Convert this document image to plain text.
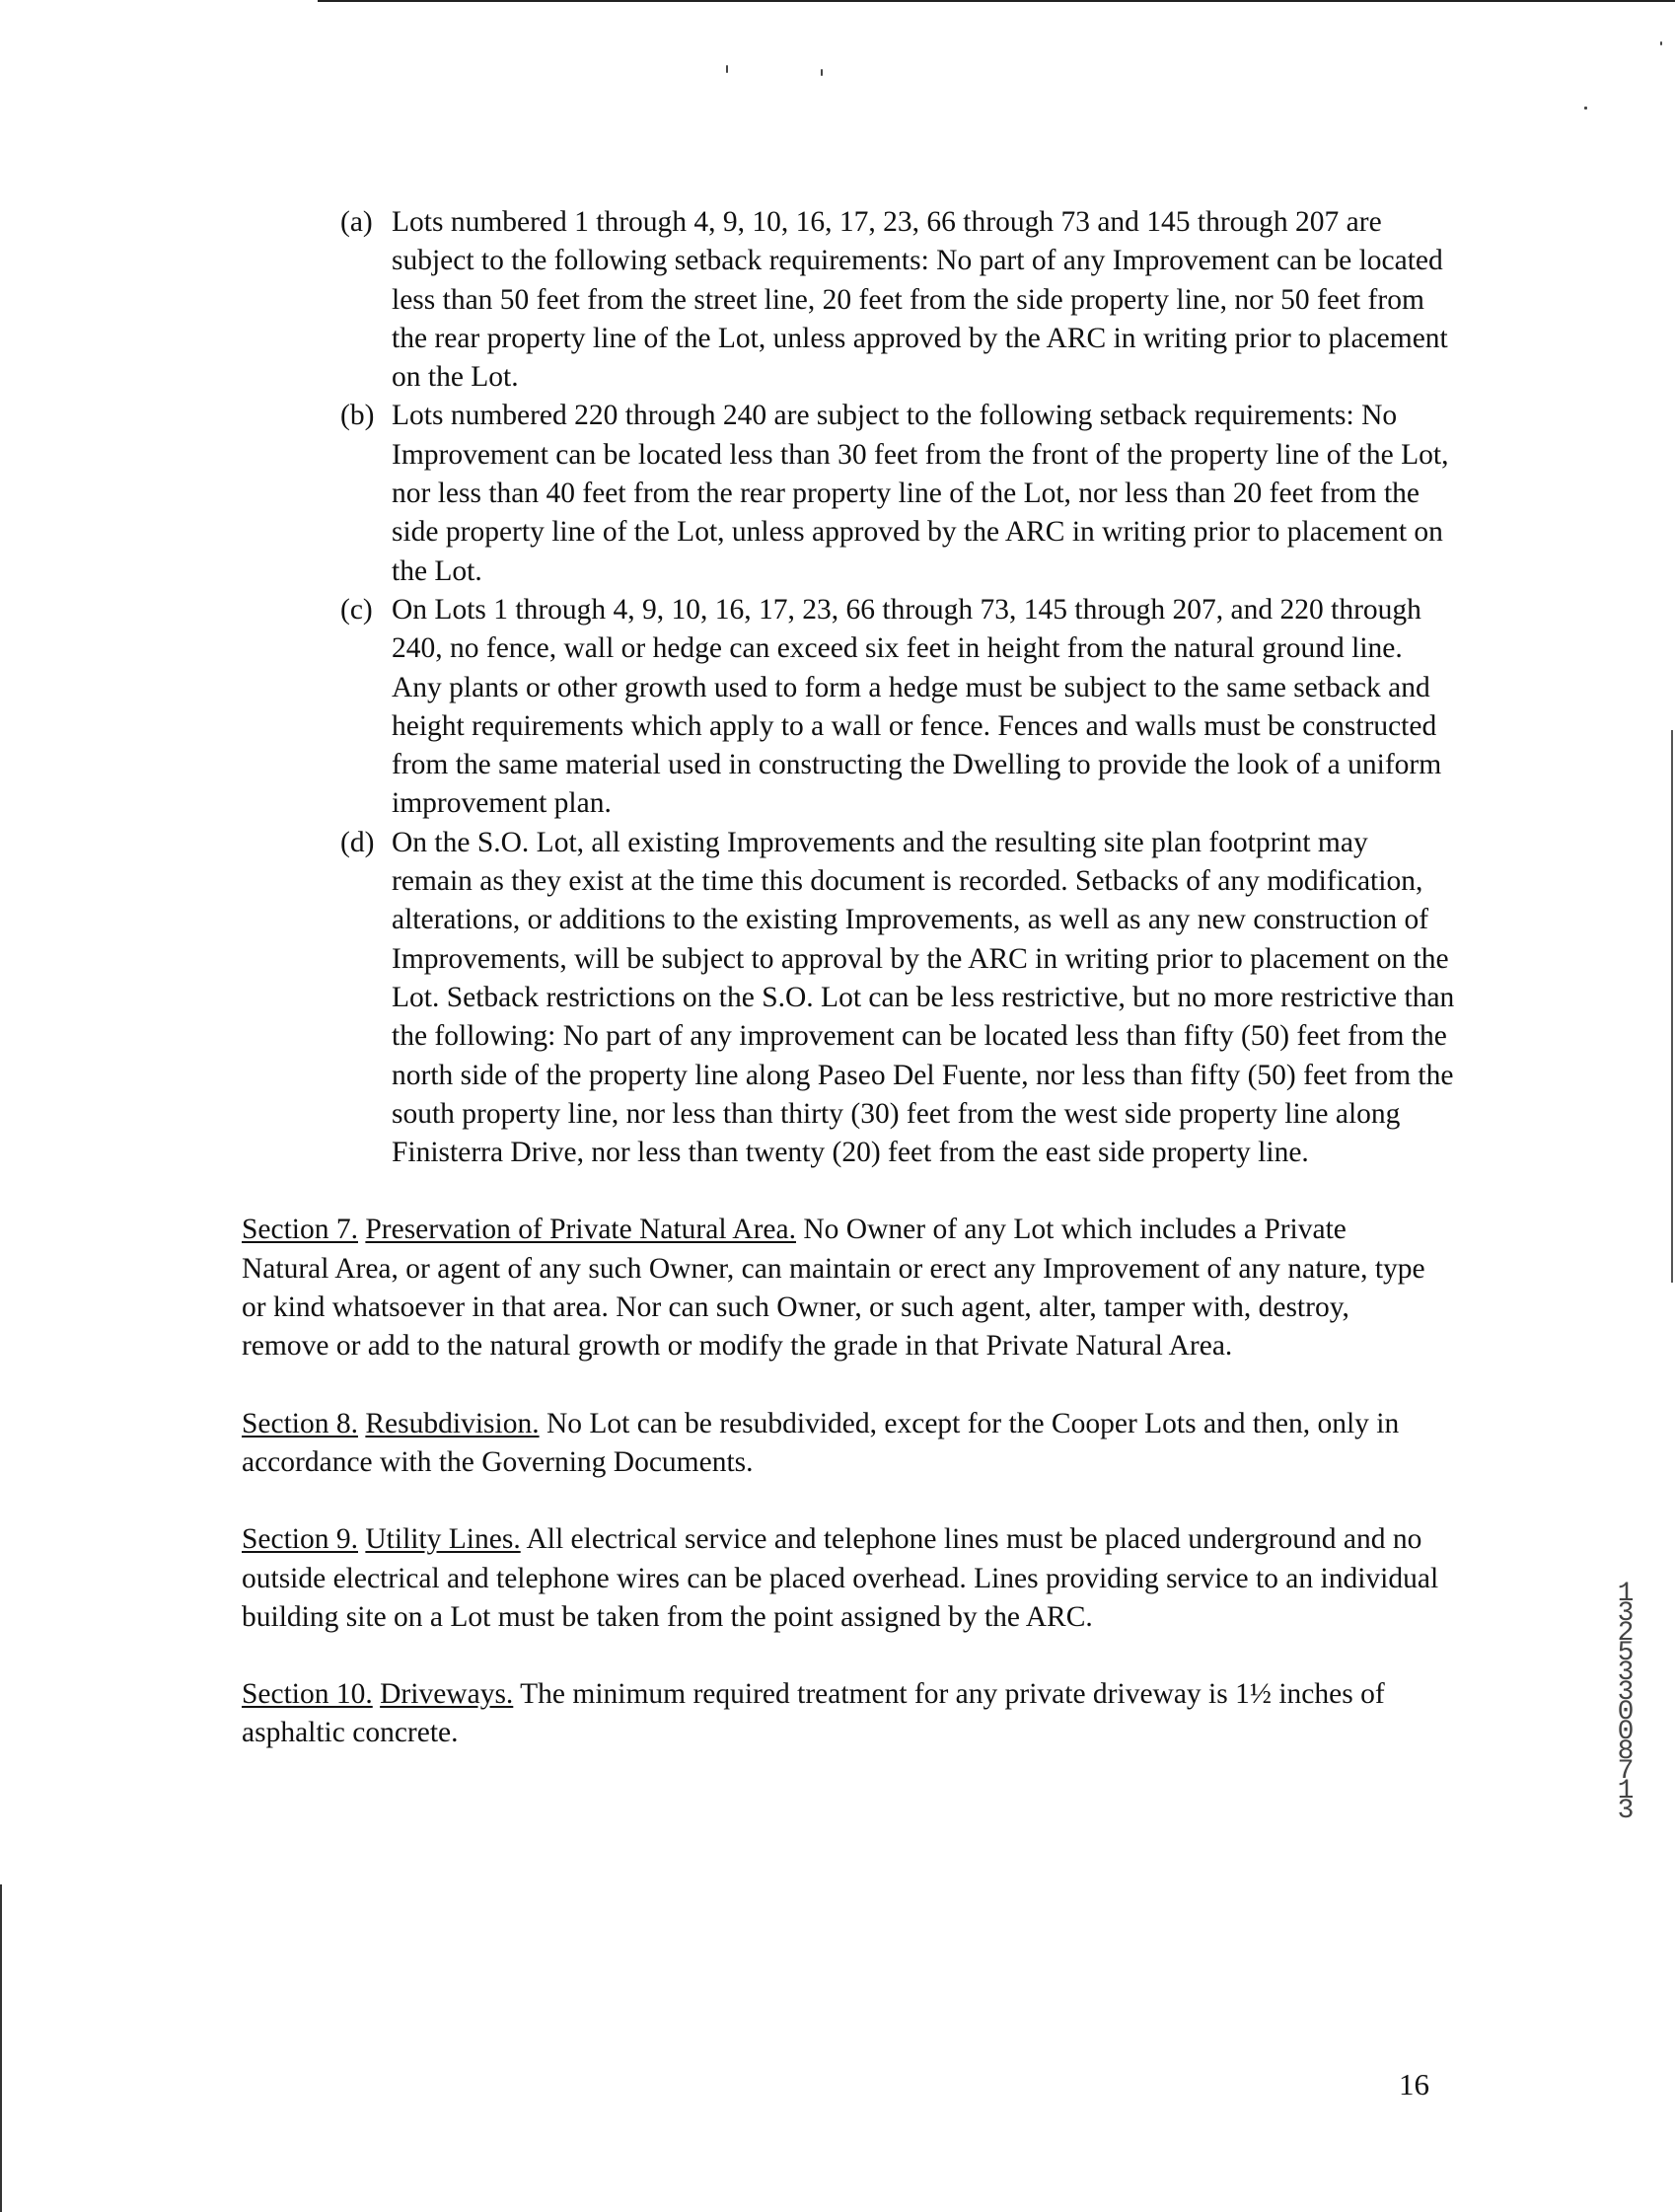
(a) Lots numbered 1 through 4, 9, 10, 16, 17, 23, 66 through 73 and 145 through 207 are subject to the following setback requirements: No part of any Improvement can be located less than 50 feet from the street line, 20 feet from the side property line, nor 50 feet from the rear property line of the Lot, unless approved by the ARC in writing prior to placement on the Lot.
(b) Lots numbered 220 through 240 are subject to the following setback requirements: No Improvement can be located less than 30 feet from the front of the property line of the Lot, nor less than 40 feet from the rear property line of the Lot, nor less than 20 feet from the side property line of the Lot, unless approved by the ARC in writing prior to placement on the Lot.
(c) On Lots 1 through 4, 9, 10, 16, 17, 23, 66 through 73, 145 through 207, and 220 through 240, no fence, wall or hedge can exceed six feet in height from the natural ground line. Any plants or other growth used to form a hedge must be subject to the same setback and height requirements which apply to a wall or fence. Fences and walls must be constructed from the same material used in constructing the Dwelling to provide the look of a uniform improvement plan.
(d) On the S.O. Lot, all existing Improvements and the resulting site plan footprint may remain as they exist at the time this document is recorded. Setbacks of any modification, alterations, or additions to the existing Improvements, as well as any new construction of Improvements, will be subject to approval by the ARC in writing prior to placement on the Lot. Setback restrictions on the S.O. Lot can be less restrictive, but no more restrictive than the following: No part of any improvement can be located less than fifty (50) feet from the north side of the property line along Paseo Del Fuente, nor less than fifty (50) feet from the south property line, nor less than thirty (30) feet from the west side property line along Finisterra Drive, nor less than twenty (20) feet from the east side property line.

Section 7. Preservation of Private Natural Area. No Owner of any Lot which includes a Private Natural Area, or agent of any such Owner, can maintain or erect any Improvement of any nature, type or kind whatsoever in that area. Nor can such Owner, or such agent, alter, tamper with, destroy, remove or add to the natural growth or modify the grade in that Private Natural Area.

Section 8. Resubdivision. No Lot can be resubdivided, except for the Cooper Lots and then, only in accordance with the Governing Documents.

Section 9. Utility Lines. All electrical service and telephone lines must be placed underground and no outside electrical and telephone wires can be placed overhead. Lines providing service to an individual building site on a Lot must be taken from the point assigned by the ARC.

Section 10. Driveways. The minimum required treatment for any private driveway is 1½ inches of asphaltic concrete.

1325330 08713
16
